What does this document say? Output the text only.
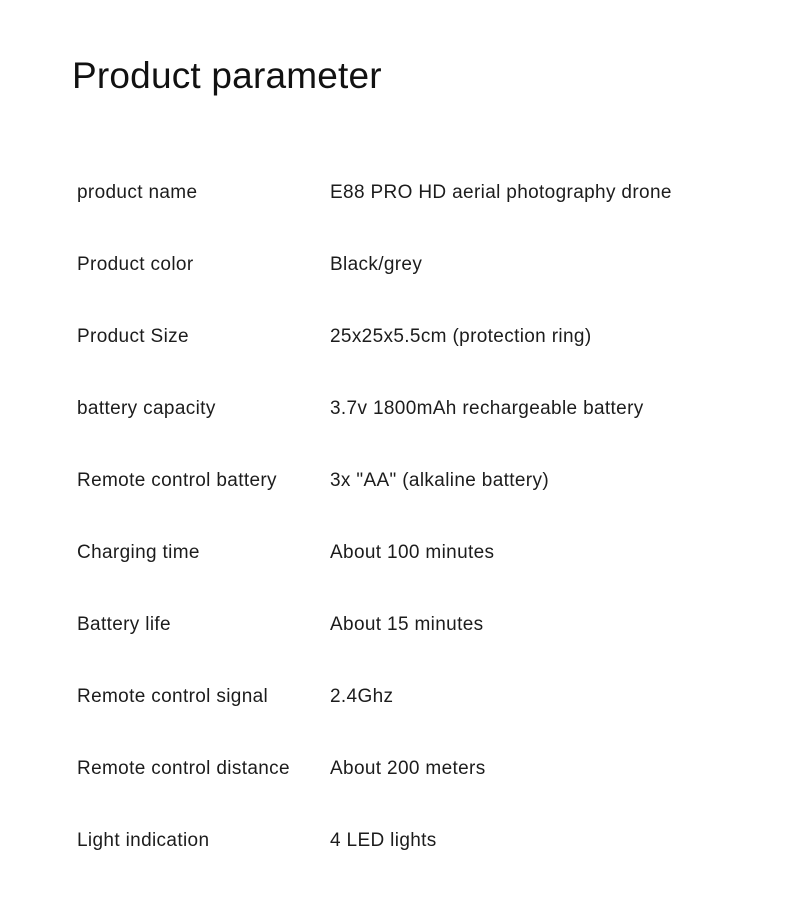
Product parameter
product name	E88 PRO HD aerial photography drone
Product color	Black/grey
Product Size	25x25x5.5cm (protection ring)
battery capacity	3.7v 1800mAh rechargeable battery
Remote control battery	3x "AA" (alkaline battery)
Charging time	About 100 minutes
Battery life	About 15 minutes
Remote control signal	2.4Ghz
Remote control distance	About 200 meters
Light indication	4 LED lights
